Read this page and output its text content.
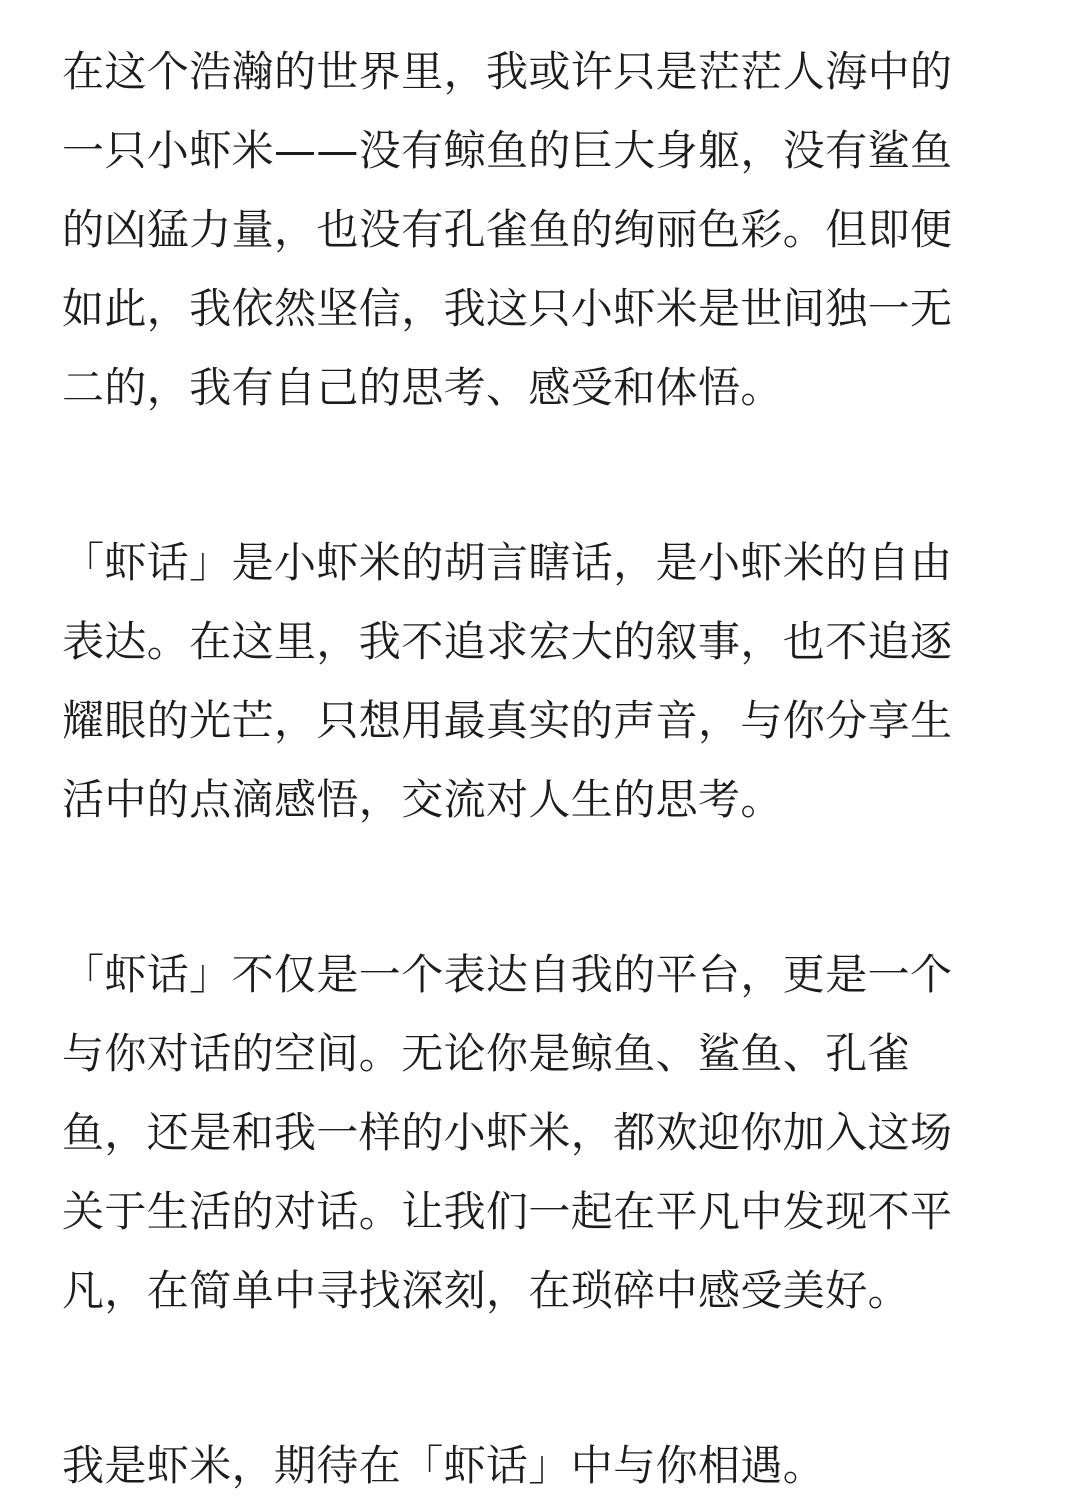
在这个浩瀚的世界里，我或许只是茫茫人海中的
一只小虾米——没有鲸鱼的巨大身躯，没有鲨鱼
的凶猛力量，也没有孔雀鱼的绚丽色彩。但即便
如此，我依然坚信，我这只小虾米是世间独一无
二的，我有自己的思考、感受和体悟。

「虾话」是小虾米的胡言瞎话，是小虾米的自由
表达。在这里，我不追求宏大的叙事，也不追逐
耀眼的光芒，只想用最真实的声音，与你分享生
活中的点滴感悟，交流对人生的思考。

「虾话」不仅是一个表达自我的平台，更是一个
与你对话的空间。无论你是鲸鱼、鲨鱼、孔雀
鱼，还是和我一样的小虾米，都欢迎你加入这场
关于生活的对话。让我们一起在平凡中发现不平
凡，在简单中寻找深刻，在琐碎中感受美好。

我是虾米，期待在「虾话」中与你相遇。
